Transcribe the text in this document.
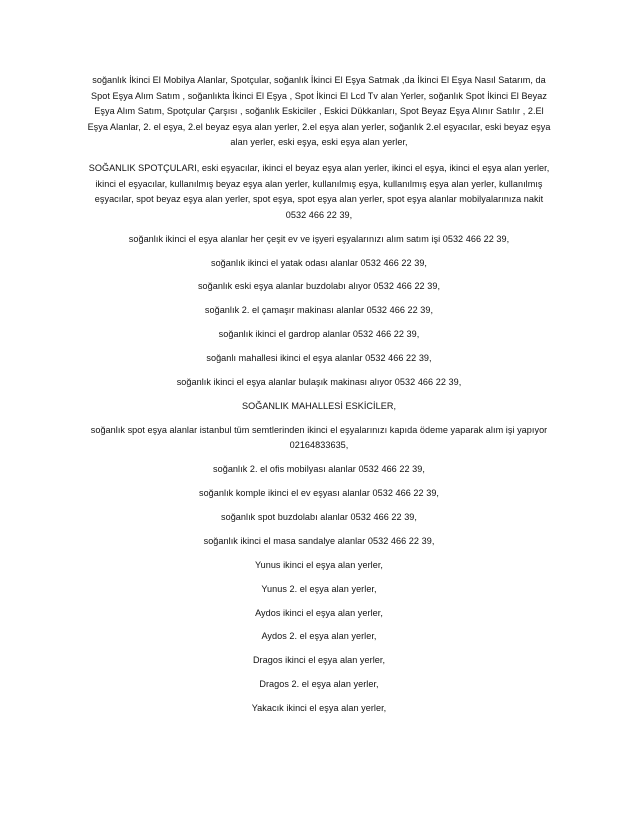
soğanlık İkinci El Mobilya Alanlar, Spotçular, soğanlık İkinci El Eşya Satmak ,da İkinci El Eşya Nasıl Satarım, da Spot Eşya Alım Satım , soğanlıkta İkinci El Eşya , Spot İkinci El Lcd Tv alan Yerler, soğanlık Spot İkinci El Beyaz Eşya Alım Satım, Spotçular Çarşısı , soğanlık Eskiciler , Eskici Dükkanları, Spot Beyaz Eşya Alınır Satılır , 2.El Eşya Alanlar, 2. el eşya, 2.el beyaz eşya alan yerler, 2.el eşya alan yerler, soğanlık 2.el eşyacılar, eski beyaz eşya alan yerler, eski eşya, eski eşya alan yerler,

SOĞANLIK SPOTÇULARI, eski eşyacılar, ikinci el beyaz eşya alan yerler, ikinci el eşya, ikinci el eşya alan yerler, ikinci el eşyacılar, kullanılmış beyaz eşya alan yerler, kullanılmış eşya, kullanılmış eşya alan yerler, kullanılmış eşyacılar, spot beyaz eşya alan yerler, spot eşya, spot eşya alan yerler, spot eşya alanlar mobilyalarınıza nakit 0532 466 22 39,

soğanlık ikinci el eşya alanlar her çeşit ev ve işyeri eşyalarınızı alım satım işi 0532 466 22 39,

soğanlık ikinci el yatak odası alanlar 0532 466 22 39,

soğanlık eski eşya alanlar buzdolabı alıyor 0532 466 22 39,

soğanlık 2. el çamaşır makinası alanlar 0532 466 22 39,

soğanlık ikinci el gardrop alanlar 0532 466 22 39,

soğanlı mahallesi ikinci el eşya alanlar 0532 466 22 39,

soğanlık ikinci el eşya alanlar bulaşık makinası alıyor 0532 466 22 39,

SOĞANLIK MAHALLESİ ESKİCİLER,

soğanlık spot eşya alanlar istanbul tüm semtlerinden ikinci el eşyalarınızı kapıda ödeme yaparak alım işi yapıyor 02164833635,

soğanlık 2. el ofis mobilyası alanlar 0532 466 22 39,

soğanlık komple ikinci el ev eşyası alanlar 0532 466 22 39,

soğanlık spot buzdolabı alanlar 0532 466 22 39,

soğanlık ikinci el masa sandalye alanlar 0532 466 22 39,

Yunus ikinci el eşya alan yerler,

Yunus 2. el eşya alan yerler,

Aydos ikinci el eşya alan yerler,

Aydos 2. el eşya alan yerler,

Dragos ikinci el eşya alan yerler,

Dragos 2. el eşya alan yerler,

Yakacık ikinci el eşya alan yerler,
